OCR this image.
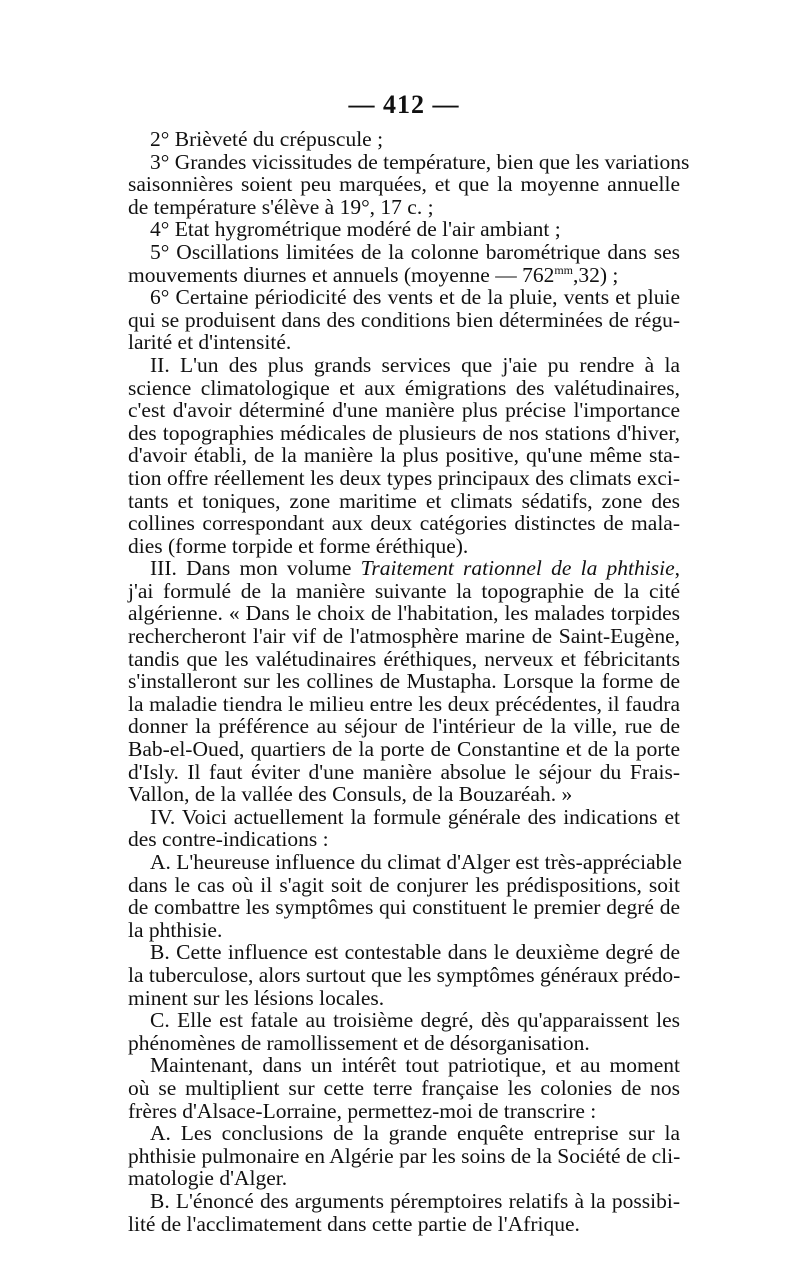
— 412 —
2° Brièveté du crépuscule ;
3° Grandes vicissitudes de température, bien que les variations
saisonnières soient peu marquées, et que la moyenne annuelle
de température s'élève à 19°, 17 c. ;
4° Etat hygrométrique modéré de l'air ambiant ;
5° Oscillations limitées de la colonne barométrique dans ses
mouvements diurnes et annuels (moyenne — $762^{mm},32$) ;
6° Certaine périodicité des vents et de la pluie, vents et pluie
qui se produisent dans des conditions bien déterminées de régu-
larité et d'intensité.
II. L'un des plus grands services que j'aie pu rendre à la
science climatologique et aux émigrations des valétudinaires,
c'est d'avoir déterminé d'une manière plus précise l'importance
des topographies médicales de plusieurs de nos stations d'hiver,
d'avoir établi, de la manière la plus positive, qu'une même sta-
tion offre réellement les deux types principaux des climats exci-
tants et toniques, zone maritime et climats sédatifs, zone des
collines correspondant aux deux catégories distinctes de mala-
dies (forme torpide et forme éréthique).
III. Dans mon volume Traitement rationnel de la phthisie,
j'ai formulé de la manière suivante la topographie de la cité
algérienne. « Dans le choix de l'habitation, les malades torpides
rechercheront l'air vif de l'atmosphère marine de Saint-Eugène,
tandis que les valétudinaires éréthiques, nerveux et fébricitants
s'installeront sur les collines de Mustapha. Lorsque la forme de
la maladie tiendra le milieu entre les deux précédentes, il faudra
donner la préférence au séjour de l'intérieur de la ville, rue de
Bab-el-Oued, quartiers de la porte de Constantine et de la porte
d'Isly. Il faut éviter d'une manière absolue le séjour du Frais-
Vallon, de la vallée des Consuls, de la Bouzaréah. »
IV. Voici actuellement la formule générale des indications et
des contre-indications :
A. L'heureuse influence du climat d'Alger est très-appréciable
dans le cas où il s'agit soit de conjurer les prédispositions, soit
de combattre les symptômes qui constituent le premier degré de
la phthisie.
B. Cette influence est contestable dans le deuxième degré de
la tuberculose, alors surtout que les symptômes généraux prédo-
minent sur les lésions locales.
C. Elle est fatale au troisième degré, dès qu'apparaissent les
phénomènes de ramollissement et de désorganisation.
Maintenant, dans un intérêt tout patriotique, et au moment
où se multiplient sur cette terre française les colonies de nos
frères d'Alsace-Lorraine, permettez-moi de transcrire :
A. Les conclusions de la grande enquête entreprise sur la
phthisie pulmonaire en Algérie par les soins de la Société de cli-
matologie d'Alger.
B. L'énoncé des arguments péremptoires relatifs à la possibi-
lité de l'acclimatement dans cette partie de l'Afrique.
